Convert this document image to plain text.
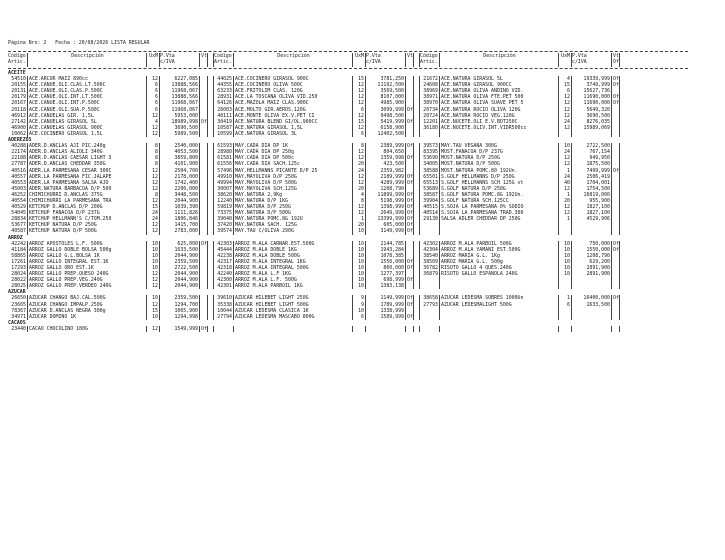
Página Nro: 2 Fecha : 20/08/2026 LISTA REGULAR
Código
Artic.
Descripción	UxM P.Vta
c/IVA
Vt Código
Artic.
Descripción	UxM P.Vta
c/IVA
Vt Código
Artic.
Descripción	UxM P.Vta
c/IVA
Vt
Of
ACEITE
54510 ACE.ARCOR MAIZ 890cc	12	6227,085	44025 ACE.COCINERO GIRASOL 900C	15	3781,250	21672 ACE.NATURA GIRASOL 5L	4	19339,999 Of
20155 ACE.CAÑUE.OLI.CLAS.LT.500C	6	13888,566	44355 ACE.COCINERO OLIVA 500C	12	11192,500	24608 ACE.NATURA GIRASOL 900CC	15	3749,999 Of
20131 ACE.CAÑUE.OLI.CLAS.P.500C	6	11968,067	63233 ACE.FRITOLIM CLAS. 120G	12	3569,500	38969 ACE.NATURA OLIVA ANDINO VID.	6	15627,736
20179 ACE.CAÑUE.OLI.INT.LT.500C	6	13888,566	28931 ACE.LA TOSCANA OLIVA VID.250	12	8107,000	38971 ACE.NATURA OLIVA FTE.PET 500	12	11690,000 Of
20167 ACE.CAÑUE.OLI.INT.P.500C	6	11968,067	64126 ACE.MAZOLA MAIZ CLAS.900C	12	4985,900	38970 ACE.NATURA OLIVA SUAVE PET 5	12	11690,000 Of
20118 ACE.CAÑUE.OLI.SUA.P.500C	6	11968,067	26003 ACE.MOLTO GIR.AEROS.120G	6	3099,999 Of	20734 ACE.NATURA ROCIO OLIVA 120G	12	5649,320
46912 ACE.CAÑUELAS GIR. 1,5L	12	5953,000	40111 ACE.MONTE OLIVA EX.V.PET CI	12	9498,500	20724 ACE.NATURA ROCIO VEG.120G	12	3690,500
27142 ACE.CAÑUELAS GIRASOL 5L	4	18989,998 Of	30419 ACE.NATURA BLEND GI/OL.900CC	15	5419,999 Of	12201 ACE.NUCETE.OLI E.V.BOT250C	24	8276,035
46900 ACE.CAÑUELAS GIRASOL 900C	12	3690,500	10587 ACE.NATURA GIRASOL 1,5L	12	6158,900	36180 ACE.NUCETE.OLIV.INT.VIDR500cc	12	15989,069
10062 ACE.COCINERO GIRASOL 1,5L	12	5989,500	10599 ACE.NATURA GIRASOL 3L	6	12402,500
ADEREZOS
40288 ADER.D.ANCLAS AJI PIC.240g	8	2540,000	61593 MAY.CADA DIA DP 1K	8	2389,999 Of	39573 MAY.TAU VEGANA 300G	10	2722,500
22174 ADER.D.ANCLAS ALIOLI 340G	8	4053,500	28980 MAY.CADA DIA DP 250g	12	804,650	83395 MOST.FANACOA D/P 237G	24	767,154
22188 ADER.D.ANCLAS CAESAR LIGHT 3	8	3859,800	61581 MAY.CADA DIA DP 500c	12	1359,998 Of	53690 MOST.NATURA D/P 250G	12	949,950
27787 ADER.D.ANCLAS CHEDDAR 350G	8	4101,900	61556 MAY.CADA DIA SACH.125c	20	423,500	34005 MOST.NATURA D/P 500G	12	1875,500
40516 ADER.LA PARMESANA CESAR 300C	12	2504,700	57496 MAY.HELLMANNS PICANTE D/P 25	24	2359,982	38588 MOST.NATURA POMC.80 192Un.	1	7499,999 Of
40557 ADER.LA PARMESANA FIC.JALAPE	12	2178,000	49910 MAY.MAYOLIVA D/P 250G	12	2189,999 Of	65501 S.GOLF HELLMANNS D/P 250G	24	2506,419
40553 ADER.LA PARMESANA SALSA AJO	12	1742,400	49994 MAY.MAYOLIVA D/P 500G	12	4289,999 Of	65513 S.GOLF HELLMANNS SCH 125G vt	40	1704,001
45003 ADER.NATURA BARBACOA D/P 500	12	2206,000	30007 MAY.MAYOLIVA SCH.125G	20	1208,790	53689 S.GOLF NATURA D/P 250G	12	1754,500
46252 CHIMICHURRI D.ANCLAS 375G	8	3448,500	38620 MAY.NATURA 2,9Kg	4	11899,999 Of	38587 S.GOLF NATURA POMC.8G 192Un.	1	16819,000
40554 CHIMICHURRI LA PARMESANA TRA	12	2044,900	12240 MAY.NATURA D/P 1KG	8	5198,999 Of	39904 S.GOLF NATURA SCH.125CC	20	955,900
40529 KETCHUP D.ANCLAS D/P 200G	15	1039,390	59819 MAY.NATURA D/P 250G	12	1398,999 Of	40515 S.SOJA LA PARMESANA 0% SODIO	12	1827,100
54045 KETCHUP FANACOA D/P 237G	24	1111,826	73375 MAY.NATURA D/P 500G	12	2649,999 Of	40514 S.SOJA LA PARMESANA TRAD.300	12	1827,100
28834 KETCHUP HELLMANN'S C/TOM.250	24	1806,846	39040 MAY.NATURA POMC.8G 192U	1	13399,999 Of	29130 SALSA ADLER CHEDDAR DP 250G	1	4529,906
53677 KETCHUP NATURA D/P 250G	12	1415,700	37420 MAY.NATURA SACH. 125G	20	605,000 Of
40587 KETCHUP NATURA D/P 500G	12	2783,000	39574 MAY.TAU C/OLIVA 290G	10	3149,999 Of
ARROZ
42242 ARROZ APOSTOLES L.F. 500G	10	625,000 Of	42303 ARROZ M.ALA CARNAR.EST.500G	10	2144,785	42302 ARROZ M.ALA PARBOIL 500G	10	750,000 Of
41184 ARROZ GALLO DOBLE BOLSA 500g	10	1633,500	45444 ARROZ M.ALA DOBLE 1KG	10	1943,284	42304 ARROZ M.ALA YAMANI EST.500G	10	1550,000 Of
58865 ARROZ GALLO G.L.BOLSA 1K	10	2044,900	42238 ARROZ M.ALA DOBLE 500G	10	1078,385	38540 ARROZ MARIA G.L. 1Kg	10	1208,790
17261 ARROZ GALLO INTEGRAL EST.1K	10	2359,500	42317 ARROZ M.ALA INTEGRAL 1KG	10	1550,000 Of	38509 ARROZ MARIA G.L. 500g	10	629,200
17293 ARROZ GALLO ORO EST.1K	10	2722,500	42318 ARROZ M.ALA INTEGRAL 500G	10	860,000 Of	36782 RISOTO GALLO 4 QUES.240G	10	2891,900
28024 ARROZ GALLO PREP.QUESO 240G	12	2044,900	42240 ARROZ M.ALA L.F 1KG	10	1277,397	36879 RISOTO GALLO ESPAÑOLA 240G	10	2891,900
28022 ARROZ GALLO PREP.VEG.240G	12	2044,900	42300 ARROZ M.ALA L.F. 500G	10	698,999 Of
28025 ARROZ GALLO PREP.VERDEO 240G	12	2044,900	42301 ARROZ M.ALA PARBOIL 1KG	10	1383,138
AZUCAR
26650 AZUCAR CHANGO BAJ.CAL.500G	10	2359,500	39610 AZUCAR HILEBET LIGHT 250G	9	1149,999 Of	38658 AZUCAR LEDESMA SOBRES 1000Un	1	16400,000 Of
23665 AZUCAR CHANGO IMPALP.250G	12	1294,700	35338 AZUCAR HILEBET LIGHT 500G	9	1789,999 Of	27793 AZUCAR LEDESMALIGHT 500G	6	1633,500
78367 AZUCAR D.ANCLAS NEGRA 300g	15	1065,900	10044 AZUCAR LEDESMA CLASICA 1K	10	1338,999
34971 AZUCAR DOMINO 1K	10	1294,998	27794 AZUCAR LEDESMA MASCABO 800G	6	1589,999 Of
CACAOS
23440 CACAO CHOCOLINO 180G	12	1549,999 Of
